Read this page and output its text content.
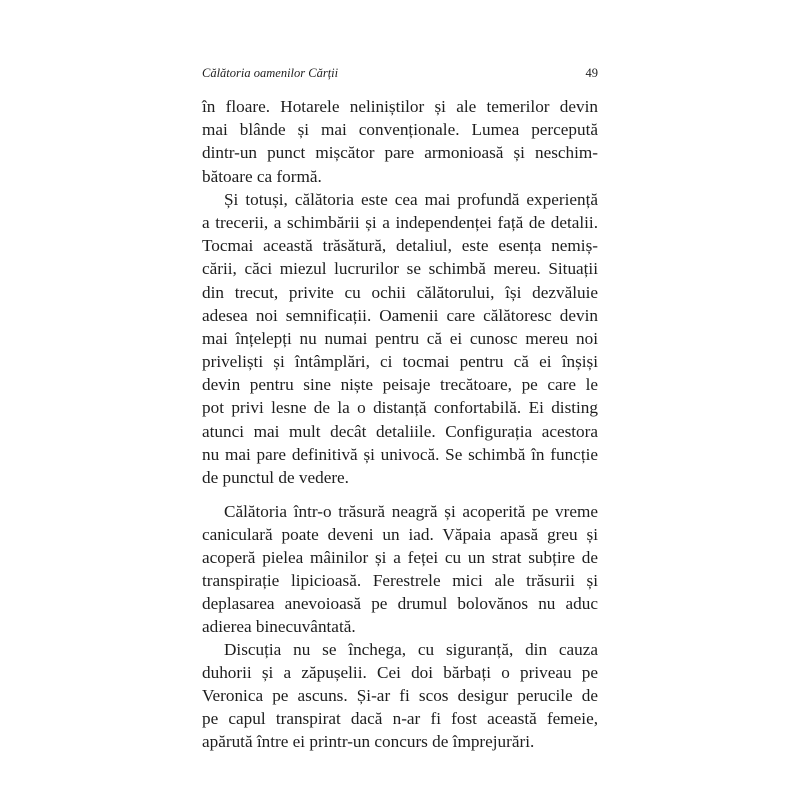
Călătoria oamenilor Cărții	49
în floare. Hotarele neliniștilor și ale temerilor devin
mai blânde și mai convenționale. Lumea percepută
dintr-un punct mișcător pare armonioasă și neschim-
bătoare ca formă.
Și totuși, călătoria este cea mai profundă experiență
a trecerii, a schimbării și a independenței față de detalii.
Tocmai această trăsătură, detaliul, este esența nemiș-
cării, căci miezul lucrurilor se schimbă mereu. Situații
din trecut, privite cu ochii călătorului, își dezvăluie
adesea noi semnificații. Oamenii care călătoresc devin
mai înțelepți nu numai pentru că ei cunosc mereu noi
priveliști și întâmplări, ci tocmai pentru că ei înșiși
devin pentru sine niște peisaje trecătoare, pe care le
pot privi lesne de la o distanță confortabilă. Ei disting
atunci mai mult decât detaliile. Configurația acestora
nu mai pare definitivă și univocă. Se schimbă în funcție
de punctul de vedere.
Călătoria într-o trăsură neagră și acoperită pe vreme
caniculară poate deveni un iad. Văpaia apasă greu și
acoperă pielea mâinilor și a feței cu un strat subțire de
transpirație lipicioasă. Ferestrele mici ale trăsurii și
deplasarea anevoioasă pe drumul bolovănos nu aduc
adierea binecuvântată.
Discuția nu se închega, cu siguranță, din cauza
duhorii și a zăpușelii. Cei doi bărbați o priveau pe
Veronica pe ascuns. Și-ar fi scos desigur perucile de
pe capul transpirat dacă n-ar fi fost această femeie,
apărută între ei printr-un concurs de împrejurări.
